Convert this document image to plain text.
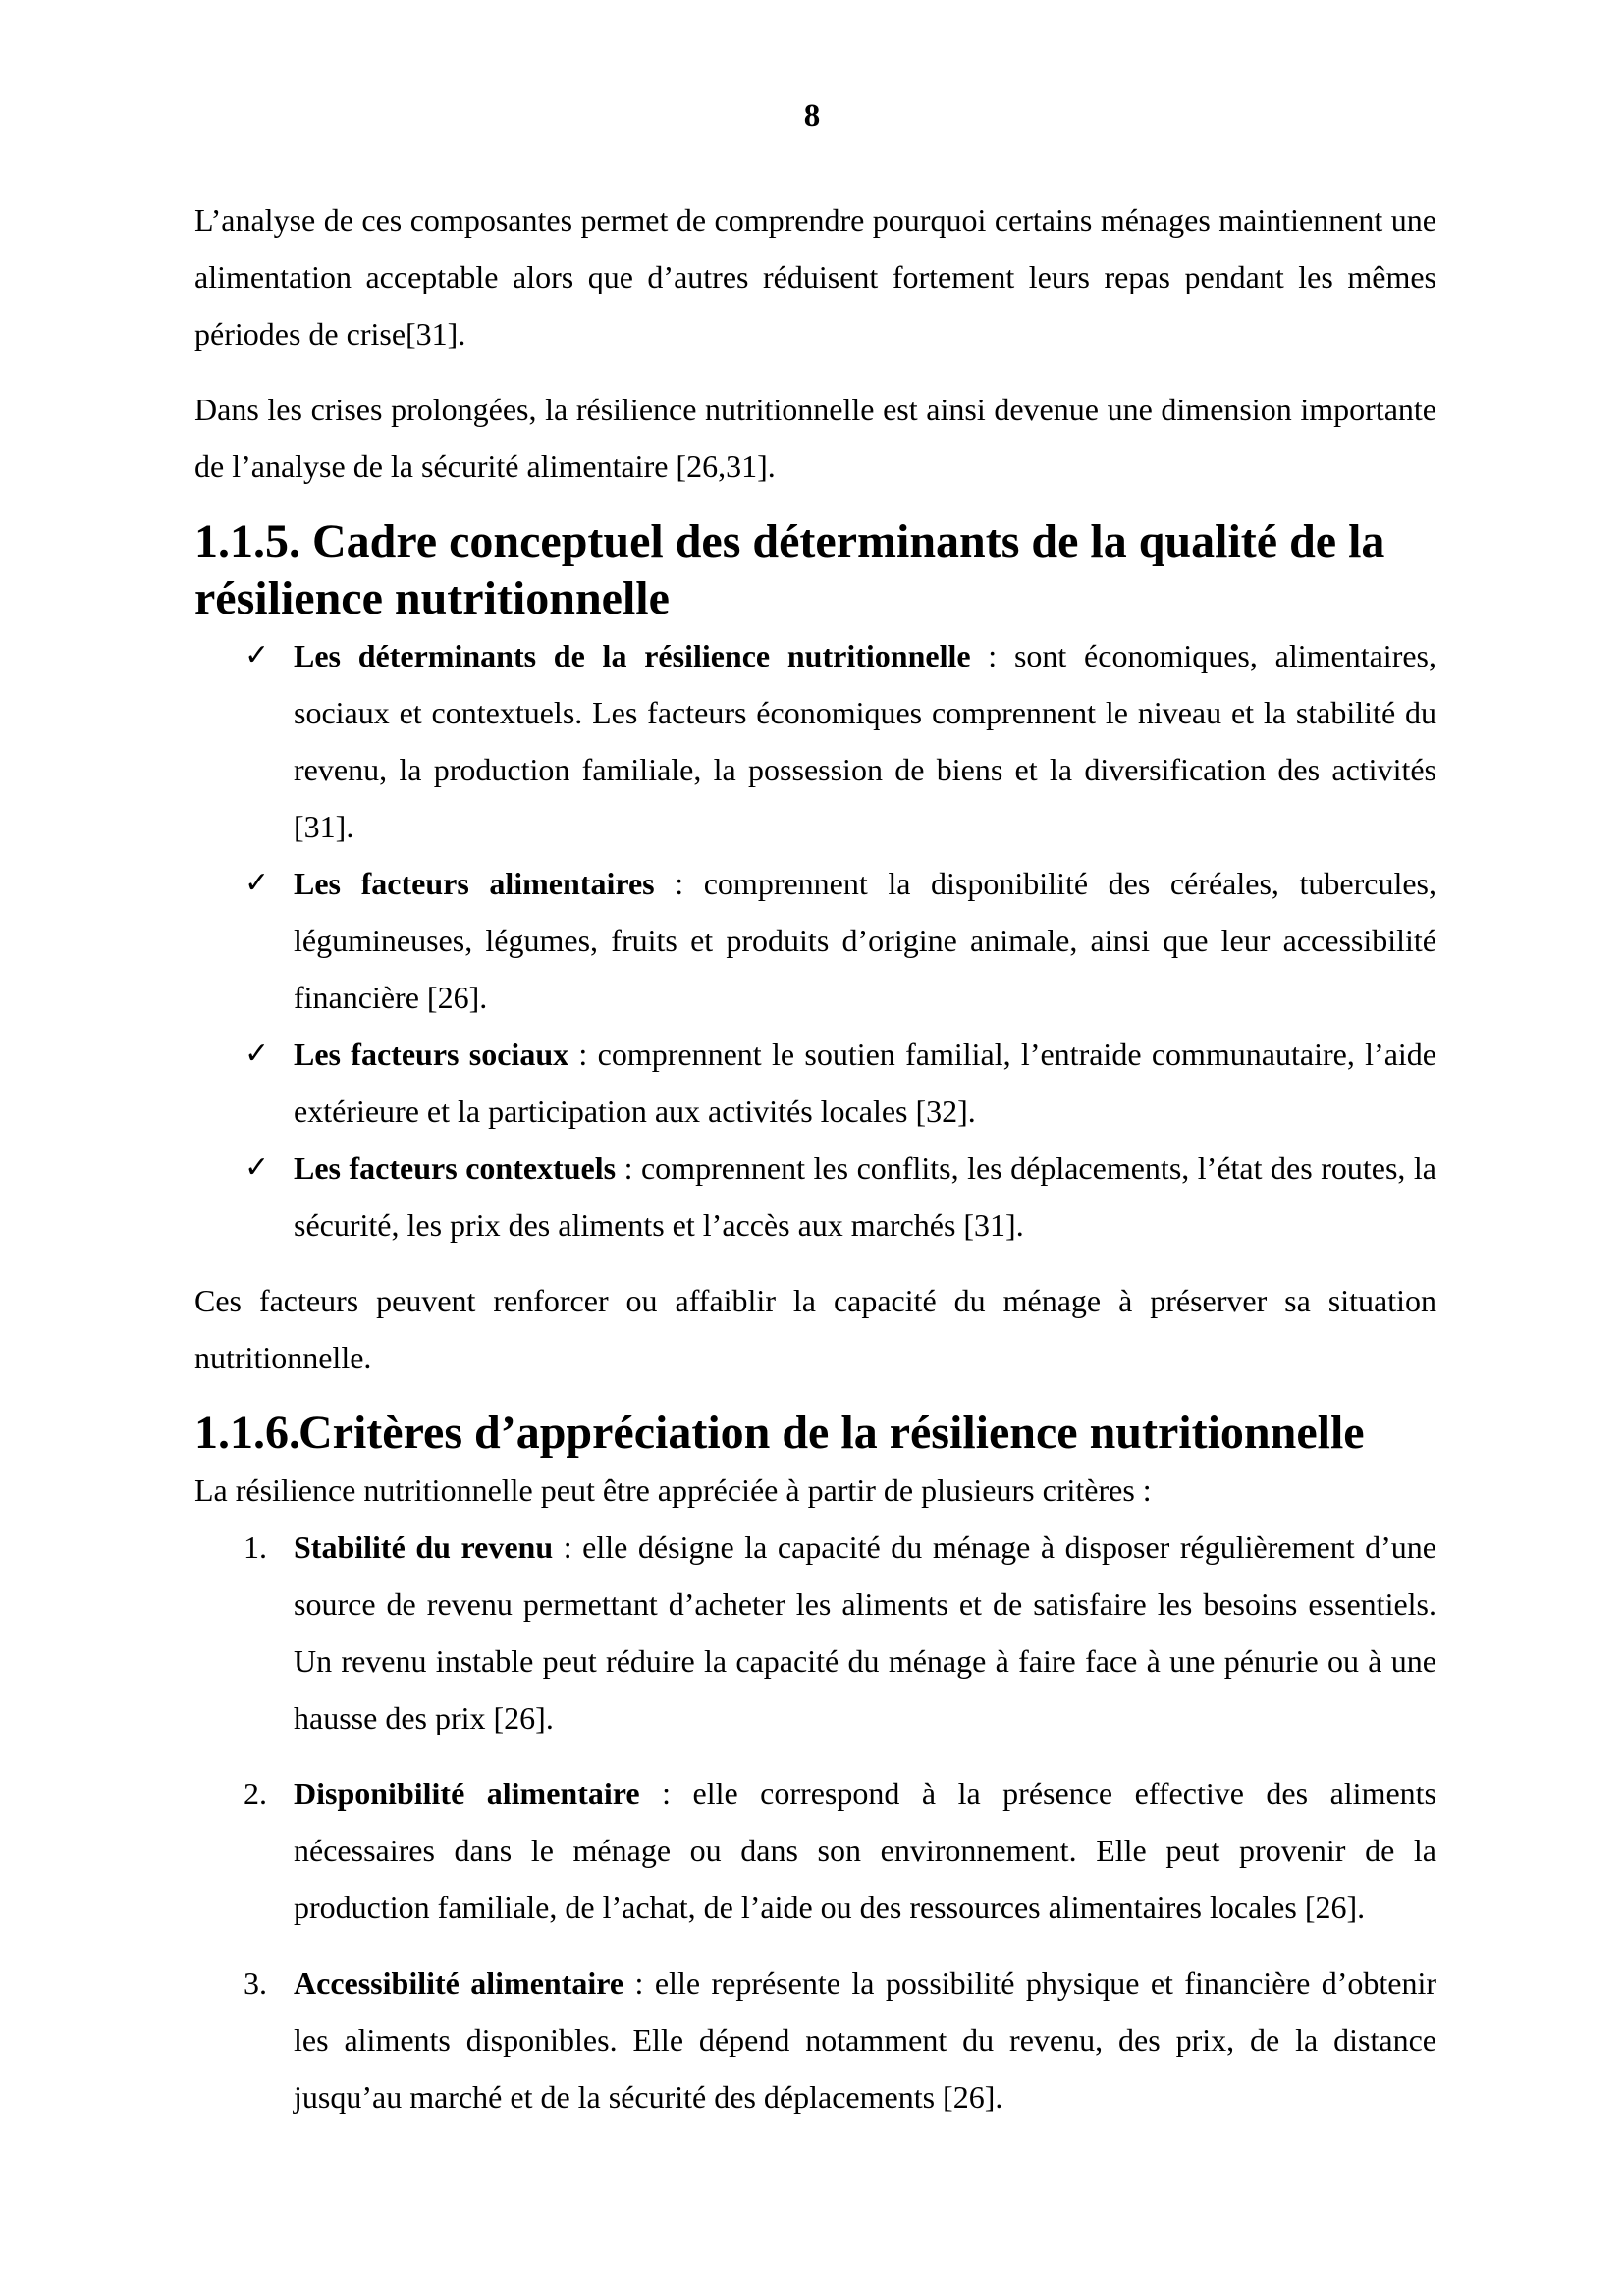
8

L’analyse de ces composantes permet de comprendre pourquoi certains ménages maintiennent une alimentation acceptable alors que d’autres réduisent fortement leurs repas pendant les mêmes périodes de crise[31].

Dans les crises prolongées, la résilience nutritionnelle est ainsi devenue une dimension importante de l’analyse de la sécurité alimentaire [26,31].

1.1.5. Cadre conceptuel des déterminants de la qualité de la résilience nutritionnelle
✓ Les déterminants de la résilience nutritionnelle : sont économiques, alimentaires, sociaux et contextuels. Les facteurs économiques comprennent le niveau et la stabilité du revenu, la production familiale, la possession de biens et la diversification des activités [31].
✓ Les facteurs alimentaires : comprennent la disponibilité des céréales, tubercules, légumineuses, légumes, fruits et produits d’origine animale, ainsi que leur accessibilité financière [26].
✓ Les facteurs sociaux : comprennent le soutien familial, l’entraide communautaire, l’aide extérieure et la participation aux activités locales [32].
✓ Les facteurs contextuels : comprennent les conflits, les déplacements, l’état des routes, la sécurité, les prix des aliments et l’accès aux marchés [31].

Ces facteurs peuvent renforcer ou affaiblir la capacité du ménage à préserver sa situation nutritionnelle.

1.1.6.Critères d’appréciation de la résilience nutritionnelle

La résilience nutritionnelle peut être appréciée à partir de plusieurs critères :

1. Stabilité du revenu : elle désigne la capacité du ménage à disposer régulièrement d’une source de revenu permettant d’acheter les aliments et de satisfaire les besoins essentiels. Un revenu instable peut réduire la capacité du ménage à faire face à une pénurie ou à une hausse des prix [26].
2. Disponibilité alimentaire : elle correspond à la présence effective des aliments nécessaires dans le ménage ou dans son environnement. Elle peut provenir de la production familiale, de l’achat, de l’aide ou des ressources alimentaires locales [26].
3. Accessibilité alimentaire : elle représente la possibilité physique et financière d’obtenir les aliments disponibles. Elle dépend notamment du revenu, des prix, de la distance jusqu’au marché et de la sécurité des déplacements [26].
